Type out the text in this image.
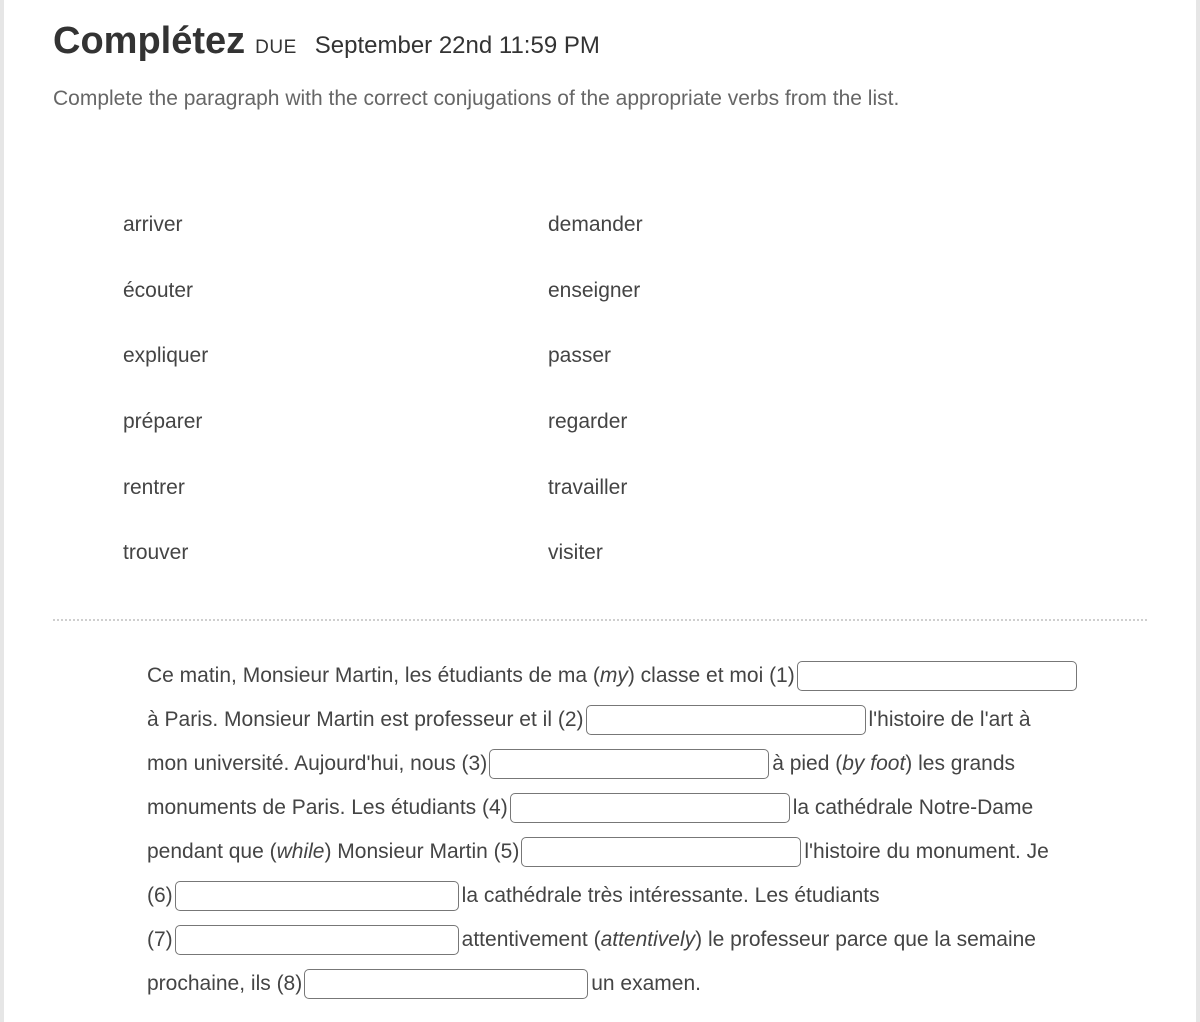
Complétez DUE September 22nd 11:59 PM
Complete the paragraph with the correct conjugations of the appropriate verbs from the list.
arriver	demander
écouter	enseigner
expliquer	passer
préparer	regarder
rentrer	travailler
trouver	visiter
Ce matin, Monsieur Martin, les étudiants de ma (my) classe et moi (1)
à Paris. Monsieur Martin est professeur et il (2)	l'histoire de l'art à
mon université. Aujourd'hui, nous (3)	à pied (by foot) les grands
monuments de Paris. Les étudiants (4)	la cathédrale Notre-Dame
pendant que (while) Monsieur Martin (5)	l'histoire du monument. Je
(6)	la cathédrale très intéressante. Les étudiants
(7)	attentivement (attentively) le professeur parce que la semaine
prochaine, ils (8)	un examen.
